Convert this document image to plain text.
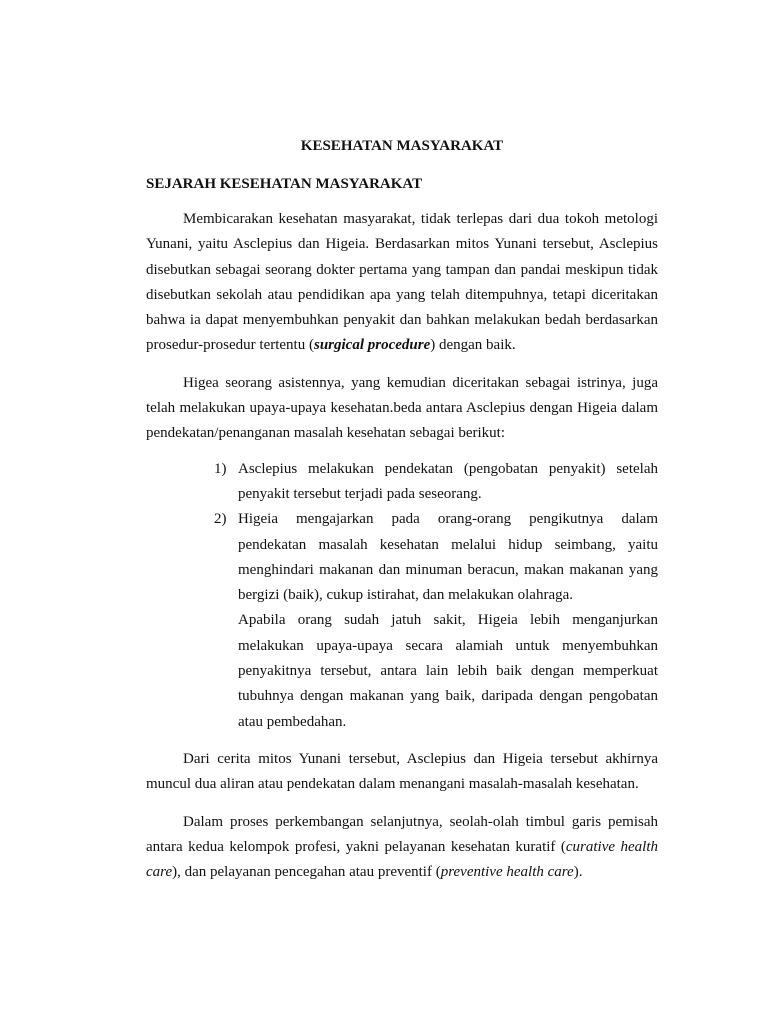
KESEHATAN MASYARAKAT
SEJARAH KESEHATAN MASYARAKAT

Membicarakan kesehatan masyarakat, tidak terlepas dari dua tokoh metologi Yunani, yaitu Asclepius dan Higeia. Berdasarkan mitos Yunani tersebut, Asclepius disebutkan sebagai seorang dokter pertama yang tampan dan pandai meskipun tidak disebutkan sekolah atau pendidikan apa yang telah ditempuhnya, tetapi diceritakan bahwa ia dapat menyembuhkan penyakit dan bahkan melakukan bedah berdasarkan prosedur-prosedur tertentu (surgical procedure) dengan baik.

Higea seorang asistennya, yang kemudian diceritakan sebagai istrinya, juga telah melakukan upaya-upaya kesehatan.beda antara Asclepius dengan Higeia dalam pendekatan/penanganan masalah kesehatan sebagai berikut:

1) Asclepius melakukan pendekatan (pengobatan penyakit) setelah penyakit tersebut terjadi pada seseorang.
2) Higeia mengajarkan pada orang-orang pengikutnya dalam pendekatan masalah kesehatan melalui hidup seimbang, yaitu menghindari makanan dan minuman beracun, makan makanan yang bergizi (baik), cukup istirahat, dan melakukan olahraga.

Apabila orang sudah jatuh sakit, Higeia lebih menganjurkan melakukan upaya-upaya secara alamiah untuk menyembuhkan penyakitnya tersebut, antara lain lebih baik dengan memperkuat tubuhnya dengan makanan yang baik, daripada dengan pengobatan atau pembedahan.

Dari cerita mitos Yunani tersebut, Asclepius dan Higeia tersebut akhirnya muncul dua aliran atau pendekatan dalam menangani masalah-masalah kesehatan.

Dalam proses perkembangan selanjutnya, seolah-olah timbul garis pemisah antara kedua kelompok profesi, yakni pelayanan kesehatan kuratif (curative health care), dan pelayanan pencegahan atau preventif (preventive health care).
